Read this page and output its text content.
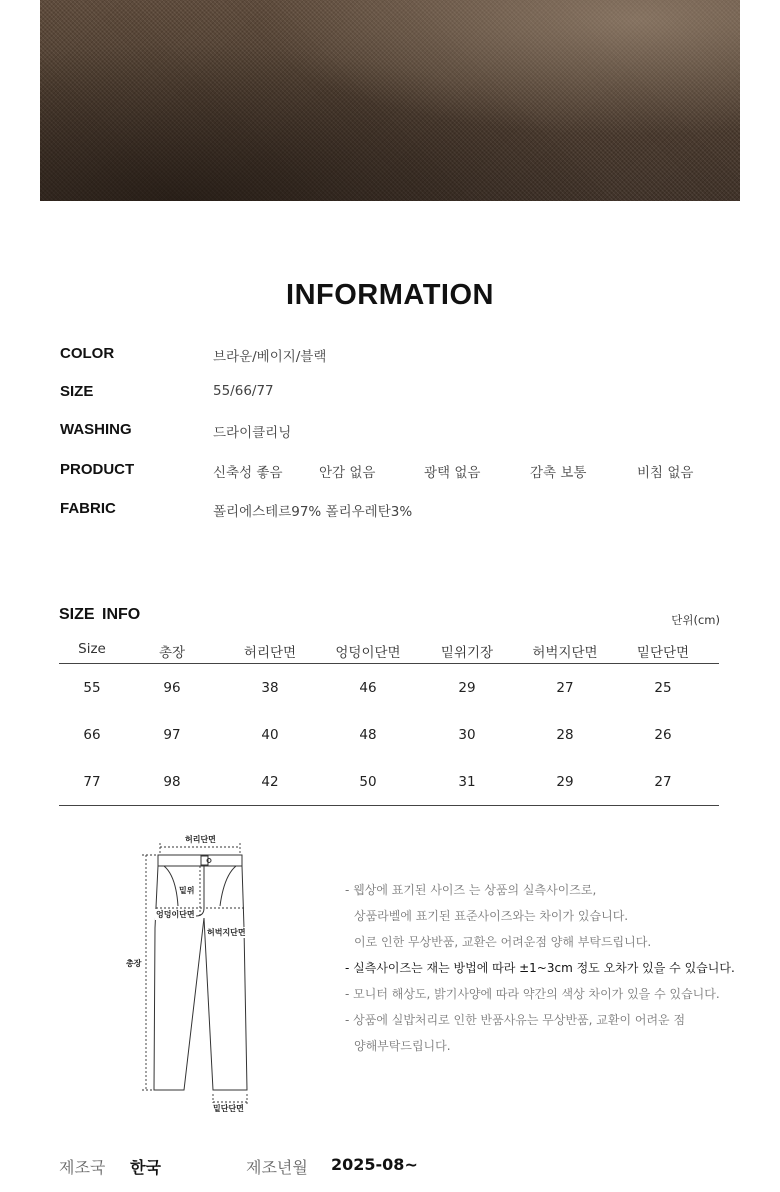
INFORMATION
COLOR	브라운/베이지/블랙
SIZE	55/66/77
WASHING	드라이클리닝
PRODUCT	신축성 좋음	안감 없음	광택 없음	감촉 보통	비침 없음
FABRIC	폴리에스테르97% 폴리우레탄3%
SIZE INFO	단위(cm)
Size	총장	허리단면	엉덩이단면	밑위기장	허벅지단면	밑단단면
55	96	38	46	29	27	25
66	97	40	48	30	28	26
77	98	42	50	31	29	27
허리단면
밑위
엉덩이단면
허벅지단면
총장
밑단단면
- 웹상에 표기된 사이즈 는 상품의 실측사이즈로,
상품라벨에 표기된 표준사이즈와는 차이가 있습니다.
이로 인한 무상반품, 교환은 어려운점 양해 부탁드립니다.
- 실측사이즈는 재는 방법에 따라 ±1~3cm 정도 오차가 있을 수 있습니다.
- 모니터 해상도, 밝기사양에 따라 약간의 색상 차이가 있을 수 있습니다.
- 상품에 실밥처리로 인한 반품사유는 무상반품, 교환이 어려운 점
양해부탁드립니다.
제조국 한국	제조년월 2025-08~
